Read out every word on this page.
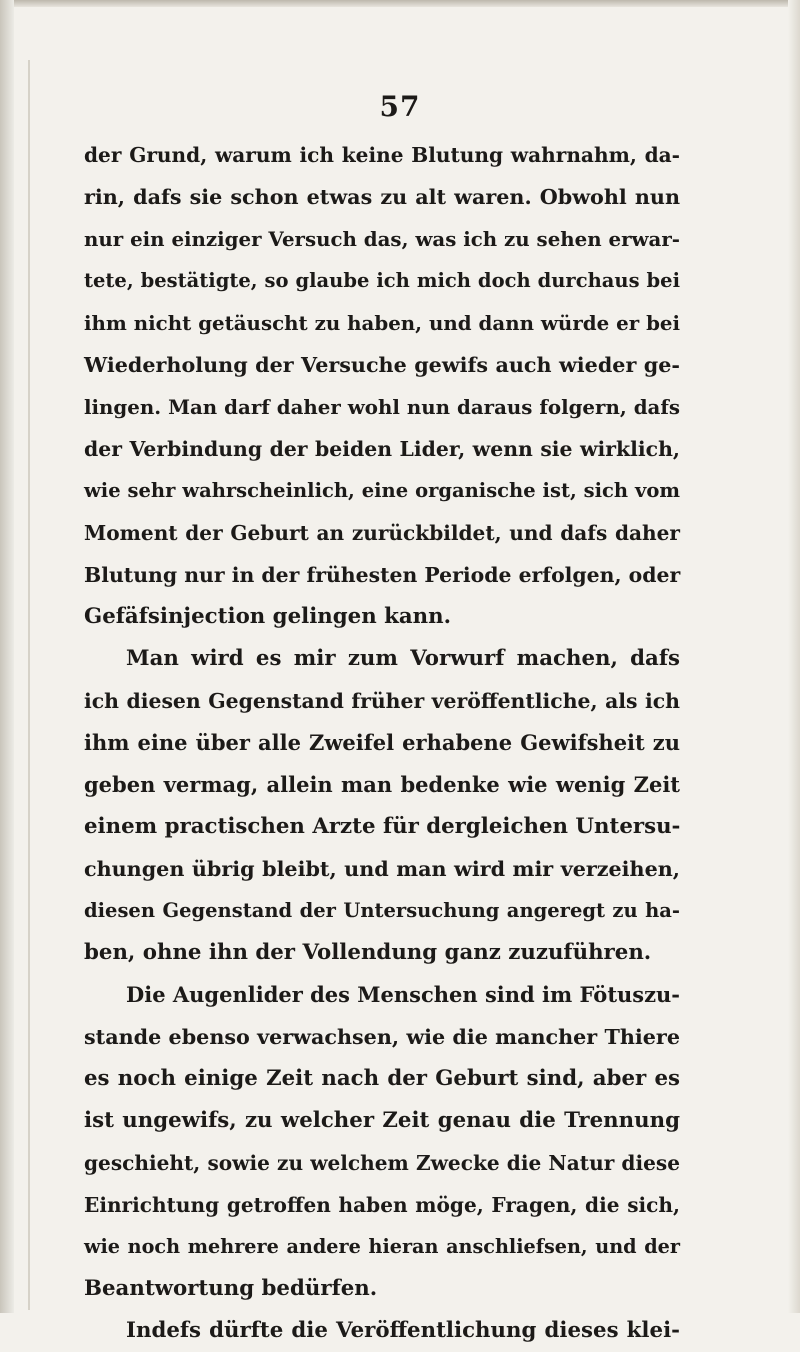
57
der Grund, warum ich keine Blutung wahrnahm, da-
rin, dafs sie schon etwas zu alt waren. Obwohl nun
nur ein einziger Versuch das, was ich zu sehen erwar-
tete, bestätigte, so glaube ich mich doch durchaus bei
ihm nicht getäuscht zu haben, und dann würde er bei
Wiederholung der Versuche gewifs auch wieder ge-
lingen. Man darf daher wohl nun daraus folgern, dafs
der Verbindung der beiden Lider, wenn sie wirklich,
wie sehr wahrscheinlich, eine organische ist, sich vom
Moment der Geburt an zurückbildet, und dafs daher
Blutung nur in der frühesten Periode erfolgen, oder
Gefäfsinjection gelingen kann.
Man wird es mir zum Vorwurf machen, dafs
ich diesen Gegenstand früher veröffentliche, als ich
ihm eine über alle Zweifel erhabene Gewifsheit zu
geben vermag, allein man bedenke wie wenig Zeit
einem practischen Arzte für dergleichen Untersu-
chungen übrig bleibt, und man wird mir verzeihen,
diesen Gegenstand der Untersuchung angeregt zu ha-
ben, ohne ihn der Vollendung ganz zuzuführen.
Die Augenlider des Menschen sind im Fötuszu-
stande ebenso verwachsen, wie die mancher Thiere
es noch einige Zeit nach der Geburt sind, aber es
ist ungewifs, zu welcher Zeit genau die Trennung
geschieht, sowie zu welchem Zwecke die Natur diese
Einrichtung getroffen haben möge, Fragen, die sich,
wie noch mehrere andere hieran anschliefsen, und der
Beantwortung bedürfen.
Indefs dürfte die Veröffentlichung dieses klei-
